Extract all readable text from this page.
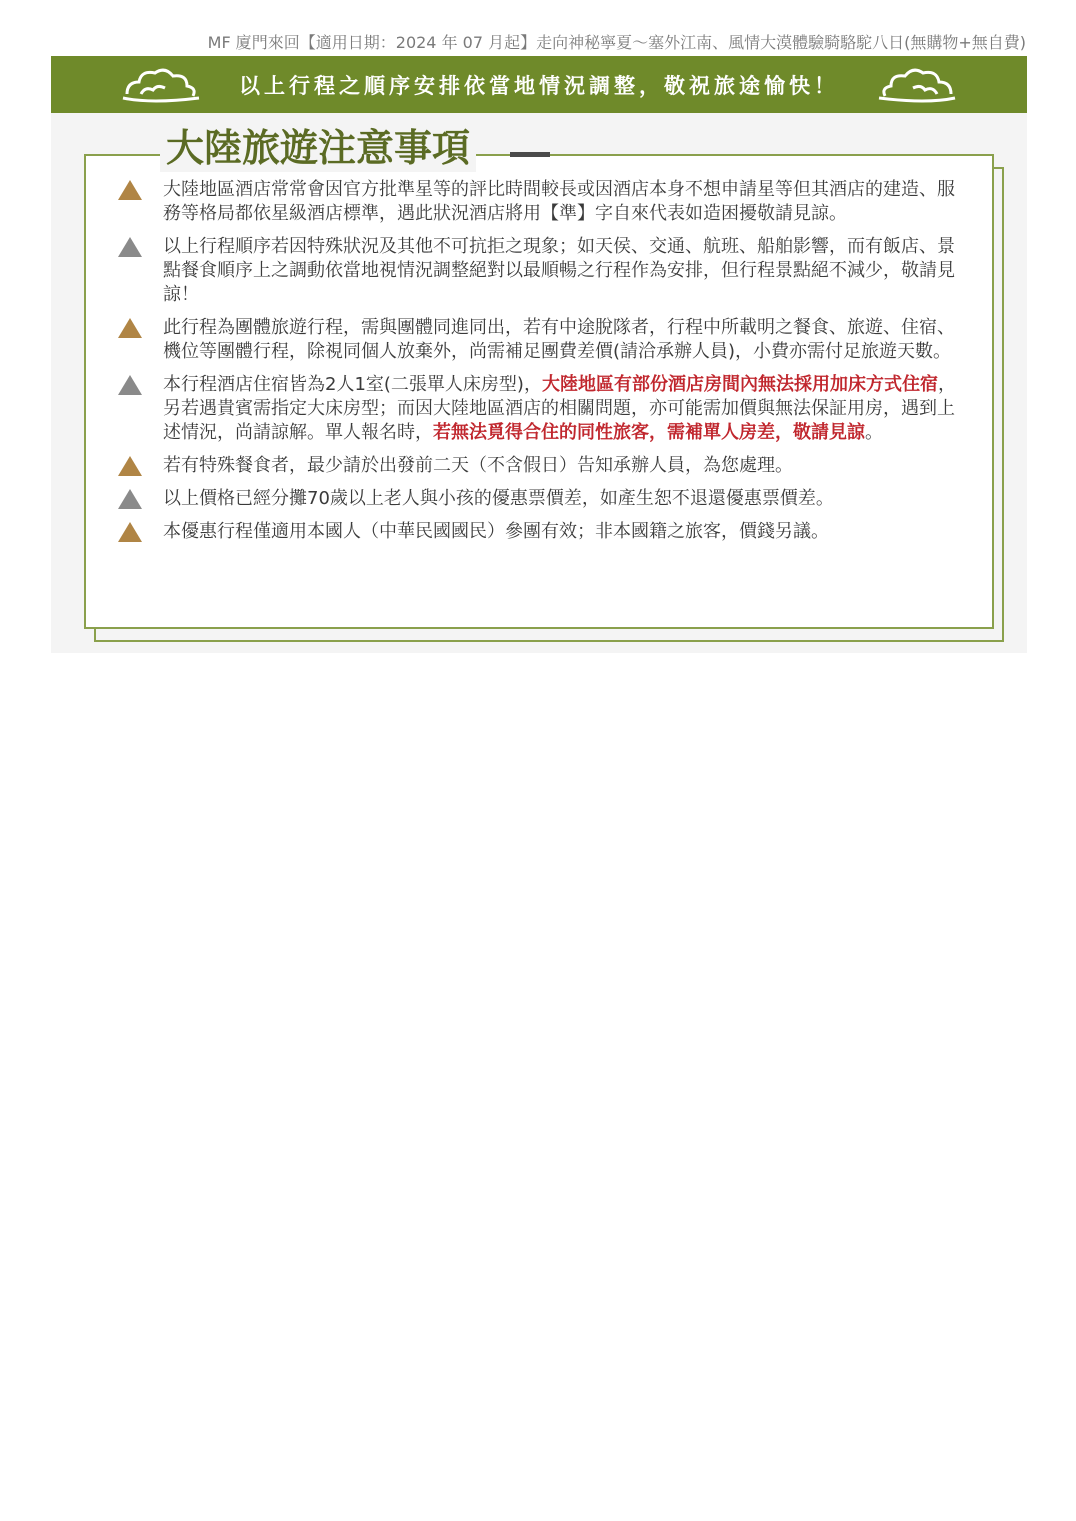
MF 廈門來回【適用日期：2024 年 07 月起】走向神秘寧夏～塞外江南、風情大漠體驗騎駱駝八日(無購物+無自費)
以上行程之順序安排依當地情況調整，敬祝旅途愉快！
大陸旅遊注意事項
大陸地區酒店常常會因官方批準星等的評比時間較長或因酒店本身不想申請星等但其酒店的建造、服務等格局都依星級酒店標準，遇此狀況酒店將用【準】字自來代表如造困擾敬請見諒。
以上行程順序若因特殊狀況及其他不可抗拒之現象；如天侯、交通、航班、船舶影響，而有飯店、景點餐食順序上之調動依當地視情況調整絕對以最順暢之行程作為安排，但行程景點絕不減少，敬請見諒！
此行程為團體旅遊行程，需與團體同進同出，若有中途脫隊者，行程中所載明之餐食、旅遊、住宿、機位等團體行程，除視同個人放棄外，尚需補足團費差價(請洽承辦人員)，小費亦需付足旅遊天數。
本行程酒店住宿皆為2人1室(二張單人床房型)，大陸地區有部份酒店房間內無法採用加床方式住宿，另若遇貴賓需指定大床房型；而因大陸地區酒店的相關問題，亦可能需加價與無法保証用房，遇到上述情況，尚請諒解。單人報名時，若無法覓得合住的同性旅客，需補單人房差，敬請見諒。
若有特殊餐食者，最少請於出發前二天（不含假日）告知承辦人員，為您處理。
以上價格已經分攤70歲以上老人與小孩的優惠票價差，如產生恕不退還優惠票價差。
本優惠行程僅適用本國人（中華民國國民）參團有效；非本國籍之旅客，價錢另議。
